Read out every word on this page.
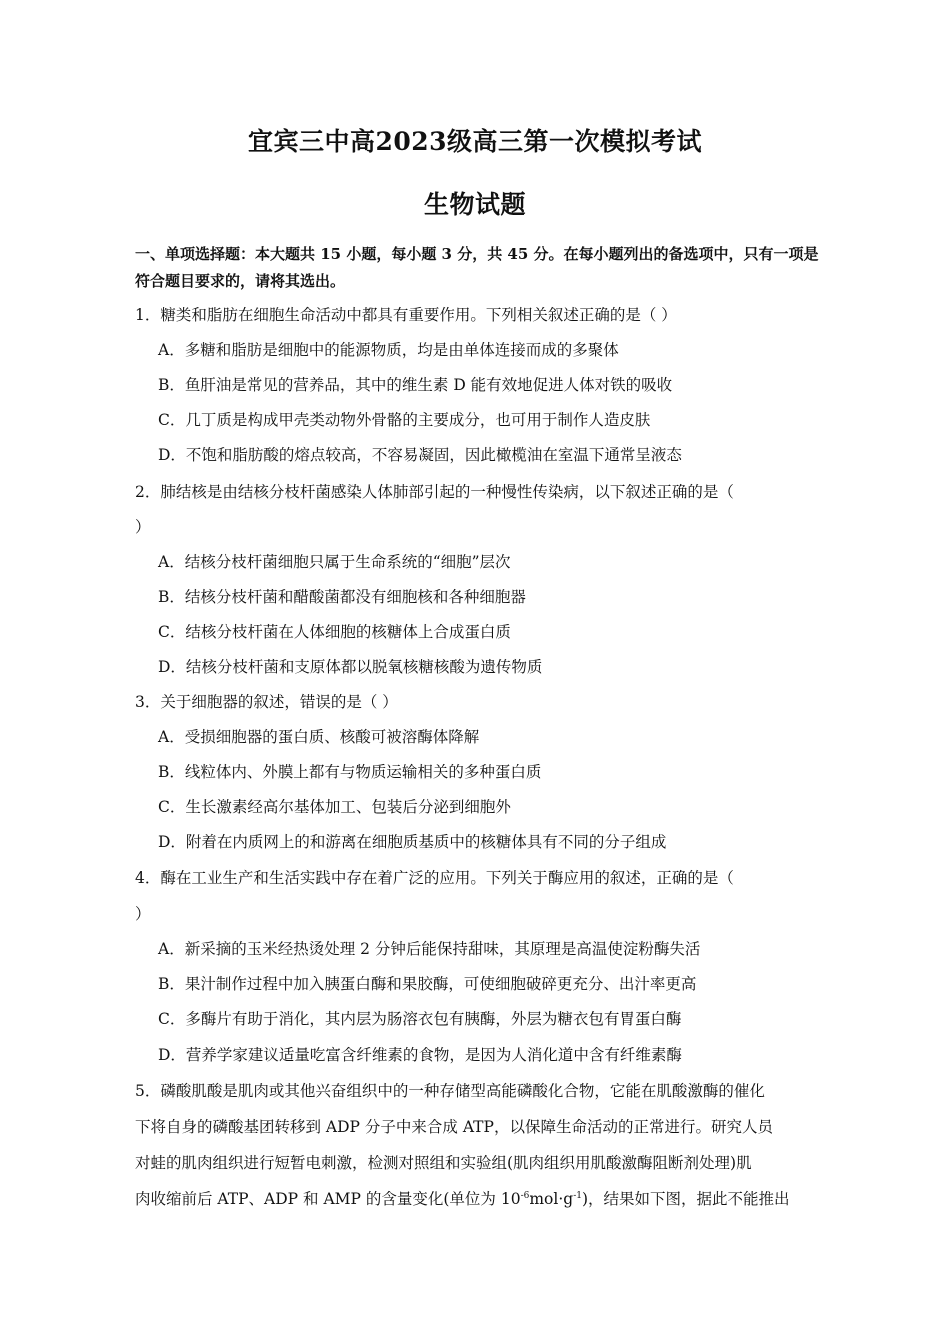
宜宾三中高2023级高三第一次模拟考试
生物试题
一、单项选择题：本大题共 15 小题，每小题 3 分，共 45 分。在每小题列出的备选项中，只有一项是符合题目要求的，请将其选出。
1．糖类和脂肪在细胞生命活动中都具有重要作用。下列相关叙述正确的是（ ）
A．多糖和脂肪是细胞中的能源物质，均是由单体连接而成的多聚体
B．鱼肝油是常见的营养品，其中的维生素 D 能有效地促进人体对铁的吸收
C．几丁质是构成甲壳类动物外骨骼的主要成分，也可用于制作人造皮肤
D．不饱和脂肪酸的熔点较高，不容易凝固，因此橄榄油在室温下通常呈液态
2．肺结核是由结核分枝杆菌感染人体肺部引起的一种慢性传染病，以下叙述正确的是（
）
A．结核分枝杆菌细胞只属于生命系统的“细胞”层次
B．结核分枝杆菌和醋酸菌都没有细胞核和各种细胞器
C．结核分枝杆菌在人体细胞的核糖体上合成蛋白质
D．结核分枝杆菌和支原体都以脱氧核糖核酸为遗传物质
3．关于细胞器的叙述，错误的是（ ）
A．受损细胞器的蛋白质、核酸可被溶酶体降解
B．线粒体内、外膜上都有与物质运输相关的多种蛋白质
C．生长激素经高尔基体加工、包装后分泌到细胞外
D．附着在内质网上的和游离在细胞质基质中的核糖体具有不同的分子组成
4．酶在工业生产和生活实践中存在着广泛的应用。下列关于酶应用的叙述，正确的是（
）
A．新采摘的玉米经热烫处理 2 分钟后能保持甜味，其原理是高温使淀粉酶失活
B．果汁制作过程中加入胰蛋白酶和果胶酶，可使细胞破碎更充分、出汁率更高
C．多酶片有助于消化，其内层为肠溶衣包有胰酶，外层为糖衣包有胃蛋白酶
D．营养学家建议适量吃富含纤维素的食物，是因为人消化道中含有纤维素酶
5．磷酸肌酸是肌肉或其他兴奋组织中的一种存储型高能磷酸化合物，它能在肌酸激酶的催化
下将自身的磷酸基团转移到 ADP 分子中来合成 ATP，以保障生命活动的正常进行。研究人员
对蛙的肌肉组织进行短暂电刺激，检测对照组和实验组(肌肉组织用肌酸激酶阻断剂处理)肌
肉收缩前后 ATP、ADP 和 AMP 的含量变化(单位为 $10^{-6}mol\cdot g^{-1}$)，结果如下图，据此不能推出
